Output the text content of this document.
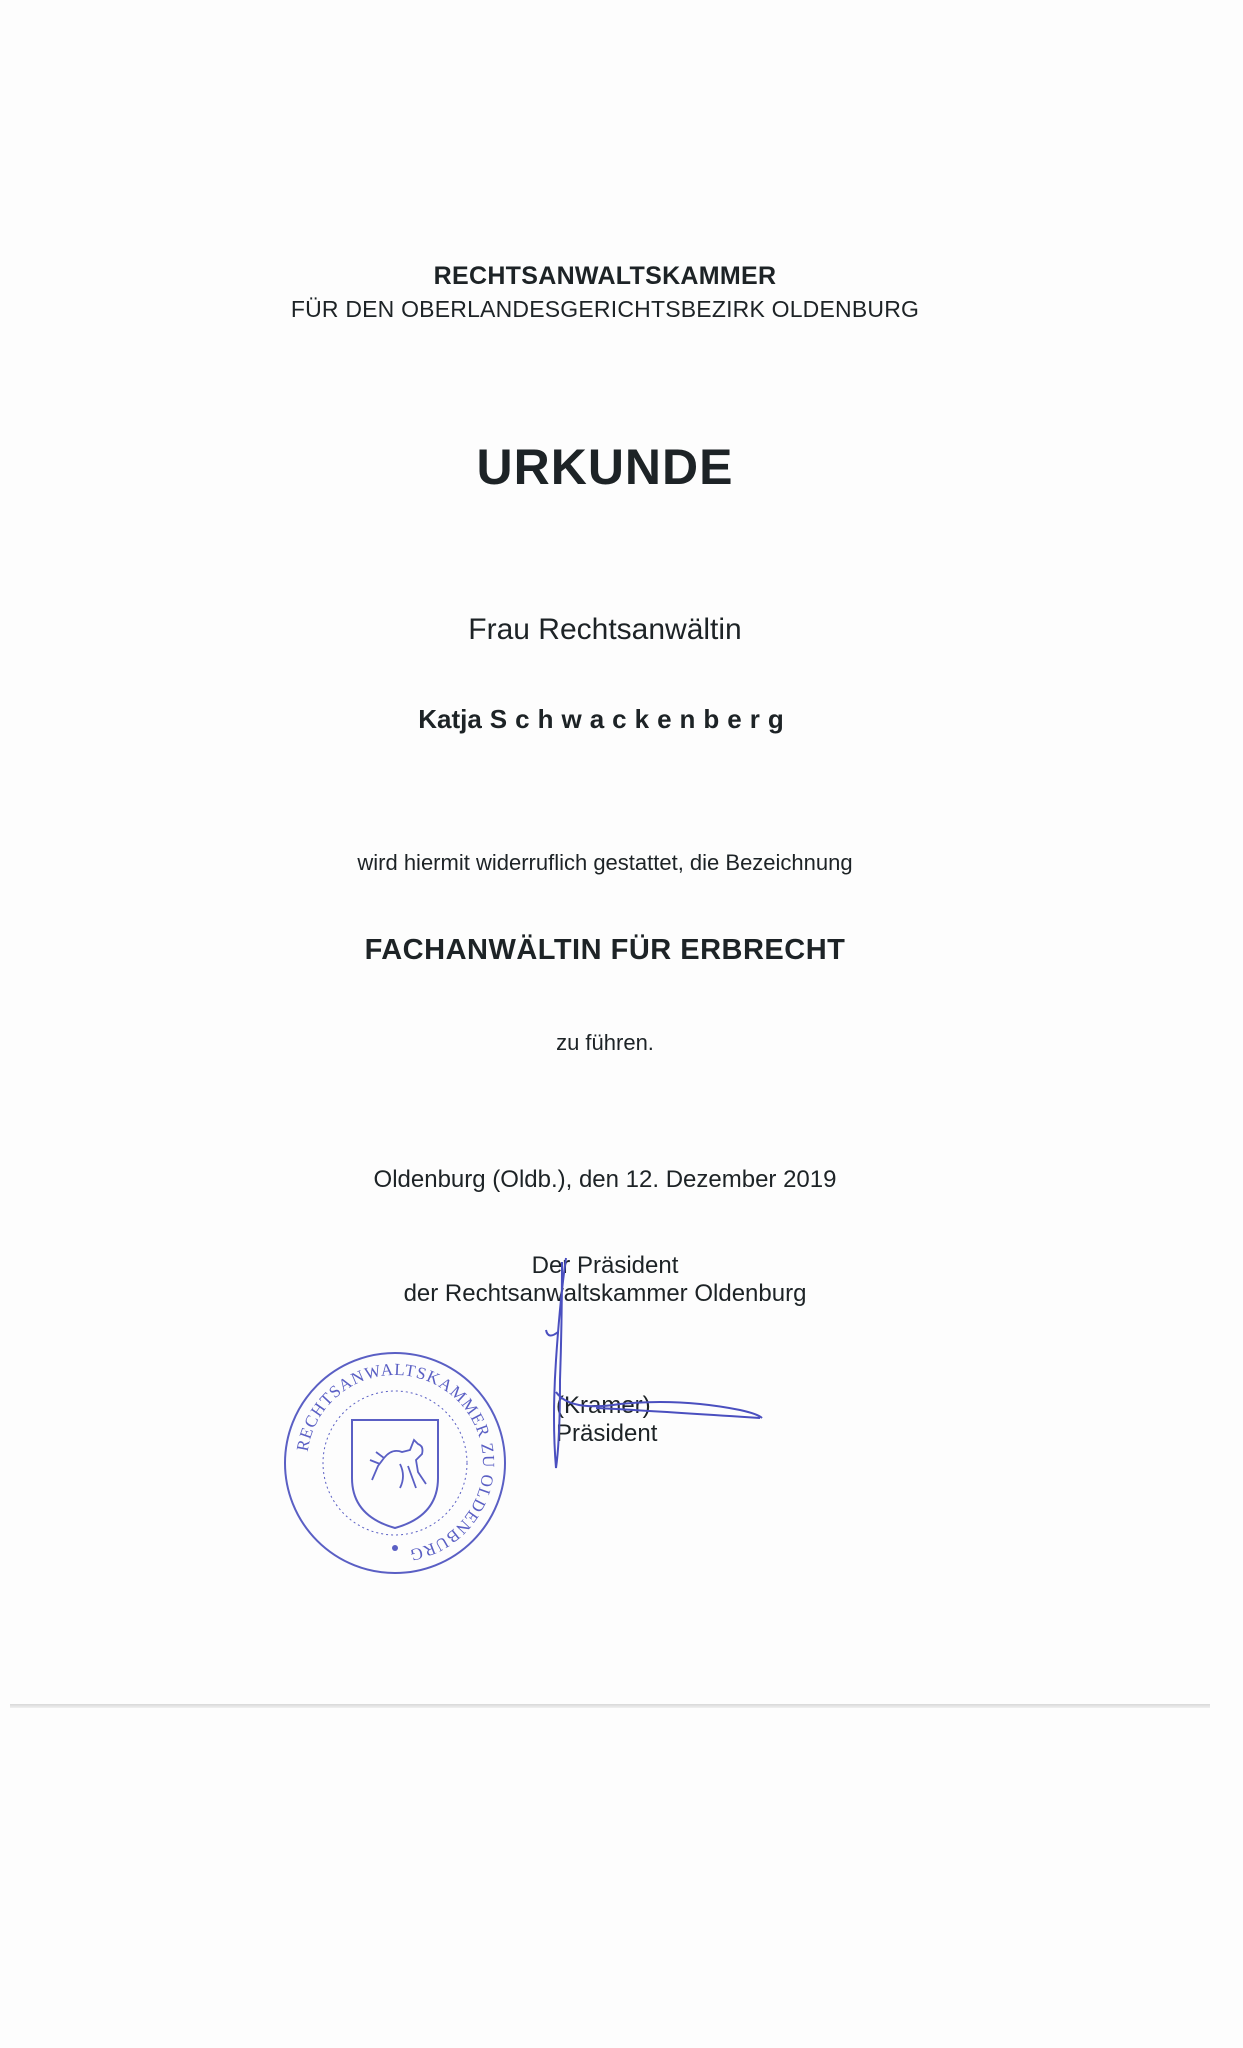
RECHTSANWALTSKAMMER
FÜR DEN OBERLANDESGERICHTSBEZIRK OLDENBURG
URKUNDE
Frau Rechtsanwältin
Katja Schwackenberg
wird hiermit widerruflich gestattet, die Bezeichnung
FACHANWÄLTIN FÜR ERBRECHT
zu führen.
Oldenburg (Oldb.), den 12. Dezember 2019
Der Präsident
der Rechtsanwaltskammer Oldenburg
(Kramer)
Präsident
RECHTSANWALTSKAMMER ZU OLDENBURG
